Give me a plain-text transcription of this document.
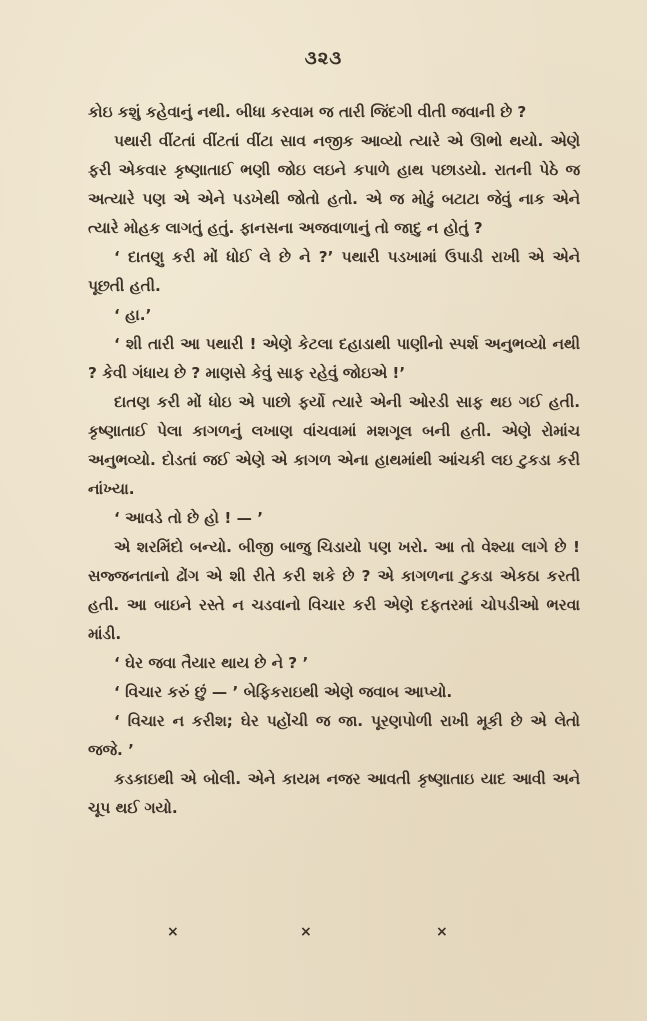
૩૨૩

કોઇ કશું કહેવાનું નથી. બીધા કરવામ જ તારી જિંદગી વીતી જવાની છે ?

પથારી વીંટતાં વીંટતાં વીંટા સાવ નજીક આવ્યો ત્યારે એ ઊભો થયો. એણે ફરી એકવાર કૃષ્ણાતાઈ ભણી જોઇ લઇને કપાળે હાથ પછાડયો. રાતની પેઠે જ અત્યારે પણ એ એને પડખેથી જોતો હતો. એ જ મોઢું બટાટા જેવું નાક એને ત્યારે મોહક લાગતું હતું. ફાનસના અજવાળાનું તો જાદુ ન હોતું ?

‘ દાતણુ કરી મોં ધોઈ લે છે ને ?’ પથારી પડખામાં ઉપાડી રાખી એ એને પૂછતી હતી.

‘ હા.’

‘ શી તારી આ પથારી ! એણે કેટલા દહાડાથી પાણીનો સ્પર્શ અનુભવ્યો નથી ? કેવી ગંધાય છે ? માણસે કેવું સાફ રહેવું જોઇએ !’

દાતણ કરી મોં ધોઇ એ પાછો ફર્યો ત્યારે એની ઓરડી સાફ થઇ ગઈ હતી. કૃષ્ણાતાઈ પેલા કાગળનું લખાણ વાંચવામાં મશગૂલ બની હતી. એણે રોમાંચ અનુભવ્યો. દોડતાં જઈ એણે એ કાગળ એના હાથમાંથી આંચકી લઇ ટુકડા કરી નાંખ્યા.

‘ આવડે તો છે હો ! — ’

એ શરમિંદો બન્યો. બીજી બાજુ ચિડાયો પણ ખરો. આ તો વેશ્યા લાગે છે ! સજ્જનતાનો ઢોંગ એ શી રીતે કરી શકે છે ? એ કાગળના ટુકડા એકઠા કરતી હતી. આ બાઇને રસ્તે ન ચડવાનો વિચાર કરી એણે દફતરમાં ચોપડીઓ ભરવા માંડી.

‘ ઘેર જવા તૈયાર થાય છે ને ? ’

‘ વિચાર કરું છું — ’ બેફિકરાઇથી એણે જવાબ આપ્યો.

‘ વિચાર ન કરીશ; ઘેર પહોંચી જ જા. પૂરણપોળી રાખી મૂકી છે એ લેતો જજે. ’

કડકાઇથી એ બોલી. એને કાયમ નજર આવતી કૃષ્ણાતાઇ યાદ આવી અને ચૂપ થઈ ગયો.

×	×	×
